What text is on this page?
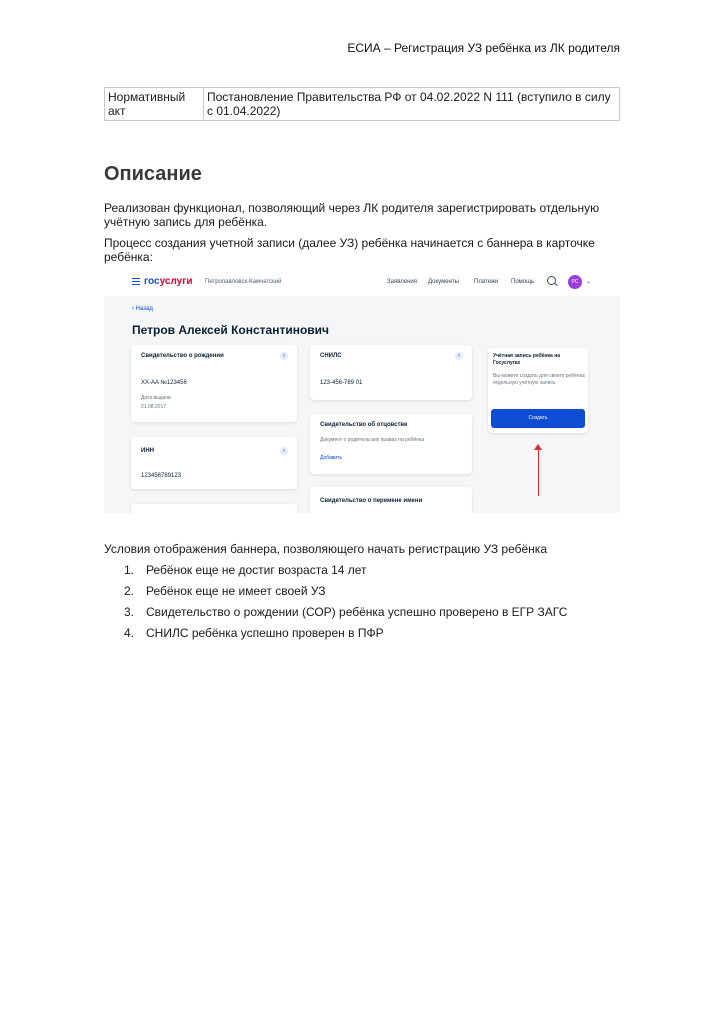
ЕСИА – Регистрация УЗ ребёнка из ЛК родителя
Нормативный акт	Постановление Правительства РФ от 04.02.2022 N 111 (вступило в силу с 01.04.2022)
Описание
Реализован функционал, позволяющий через ЛК родителя зарегистрировать отдельную учётную запись для ребёнка.
Процесс создания учетной записи (далее УЗ) ребёнка начинается с баннера в карточке ребёнка:
госуслуги Петропавловск-Камчатский	Заявления Документы	Платежи Помощь	PC	⌄
‹ Назад
Петров Алексей Константинович
Свидетельство о рождении	›
XX-AA №123456
Дата выдачи
21.08.2017
ИНН	›
123456789123
СНИЛС	›
123-456-789 01
Свидетельство об отцовстве
Документ о родительских правах на ребёнка
Добавить
Свидетельство о перемене имени
Учётная запись ребёнка на Госуслугах
Вы можете создать для своего ребёнка отдельную учётную запись
Создать
Условия отображения баннера, позволяющего начать регистрацию УЗ ребёнка
1. Ребёнок еще не достиг возраста 14 лет
2. Ребёнок еще не имеет своей УЗ
3. Свидетельство о рождении (СОР) ребёнка успешно проверено в ЕГР ЗАГС
4. СНИЛС ребёнка успешно проверен в ПФР
